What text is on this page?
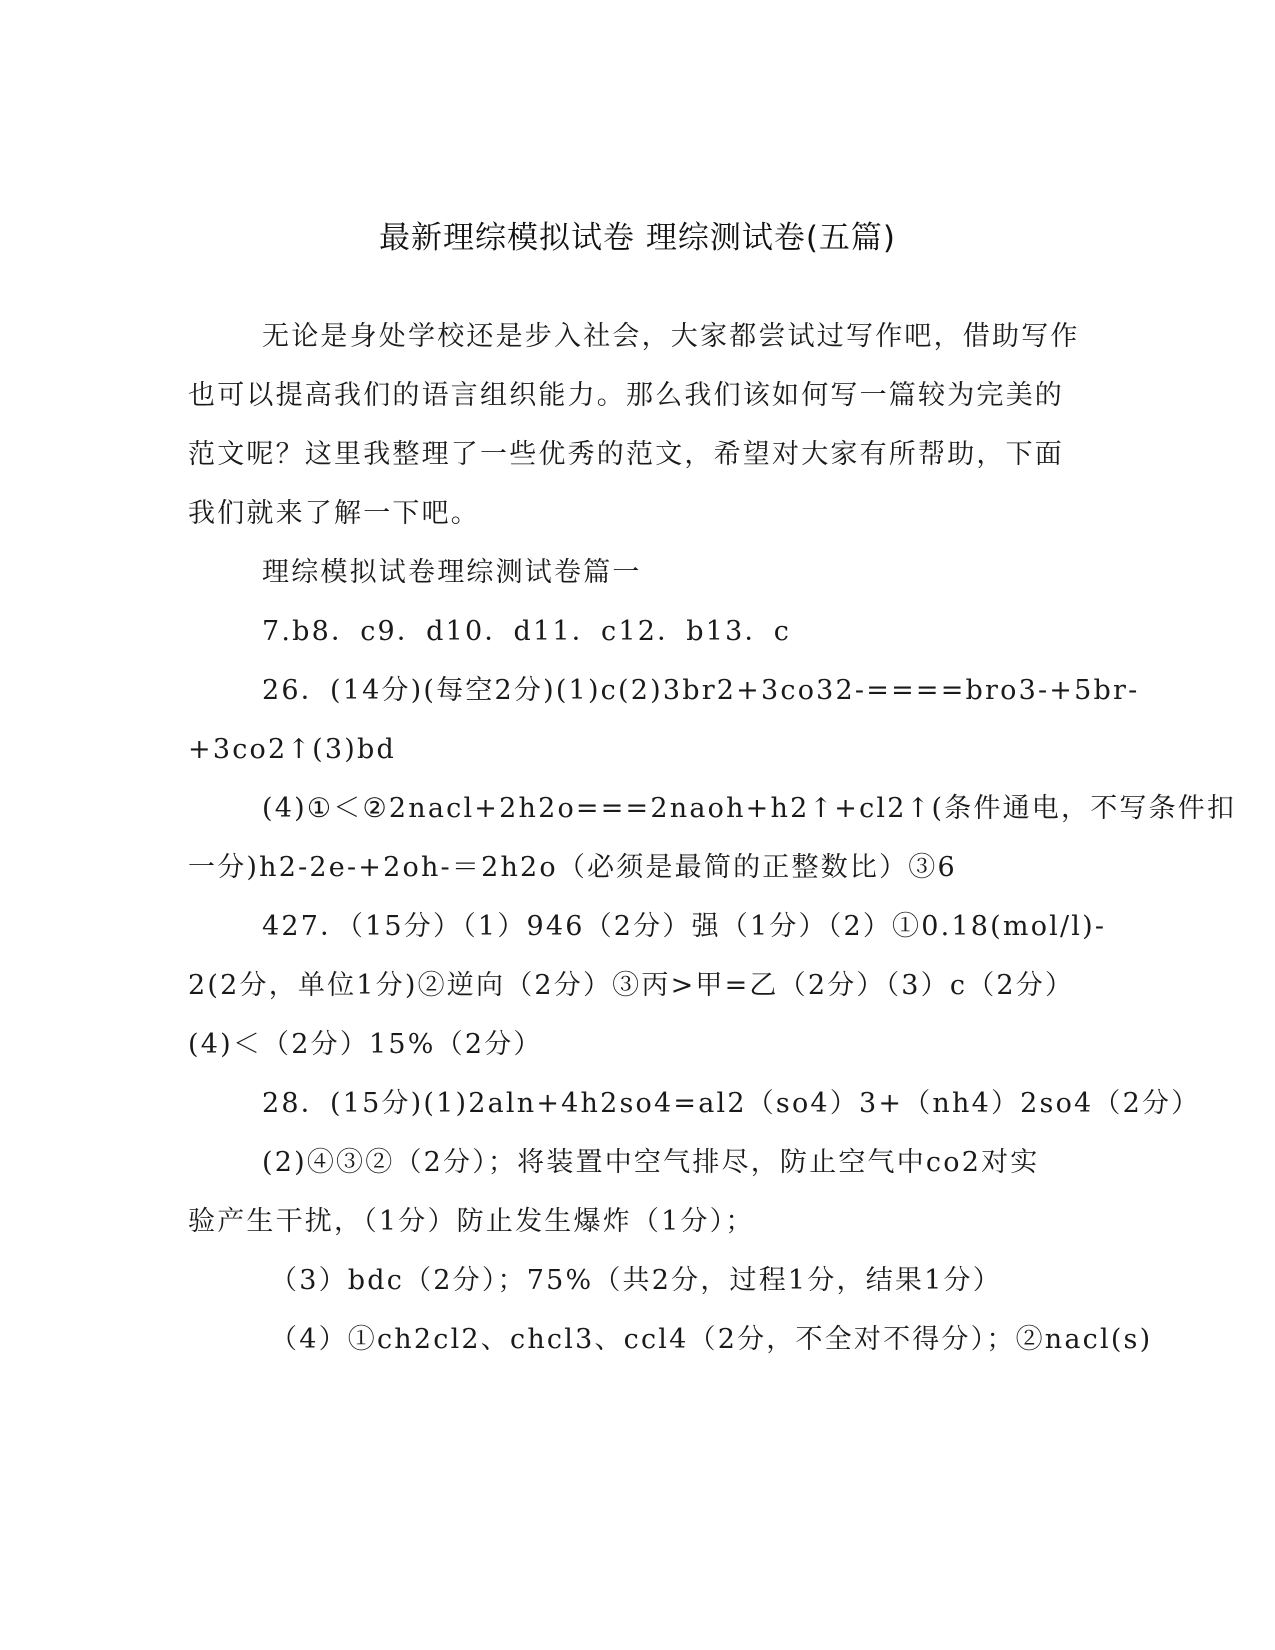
最新理综模拟试卷 理综测试卷(五篇)
无论是身处学校还是步入社会，大家都尝试过写作吧，借助写作
也可以提高我们的语言组织能力。那么我们该如何写一篇较为完美的
范文呢？这里我整理了一些优秀的范文，希望对大家有所帮助，下面
我们就来了解一下吧。
理综模拟试卷理综测试卷篇一
7.b8．c9．d10．d11．c12．b13．c
26．(14分)(每空2分)(1)c(2)3br2+3co32-====bro3-+5br-
+3co2↑(3)bd
(4)①＜②2nacl+2h2o===2naoh+h2↑+cl2↑(条件通电，不写条件扣
一分)h2-2e-+2oh-＝2h2o（必须是最简的正整数比）③6
427．（15分）（1）946（2分）强（1分）（2）①0.18(mol/l)-
2(2分，单位1分)②逆向（2分）③丙>甲=乙（2分）（3）c（2分）
(4)＜（2分）15%（2分）
28．(15分)(1)2aln+4h2so4=al2（so4）3+（nh4）2so4（2分）
(2)④③②（2分）；将装置中空气排尽，防止空气中co2对实
验产生干扰，（1分）防止发生爆炸（1分）；
（3）bdc（2分）；75%（共2分，过程1分，结果1分）
（4）①ch2cl2、chcl3、ccl4（2分，不全对不得分）；②nacl(s)
